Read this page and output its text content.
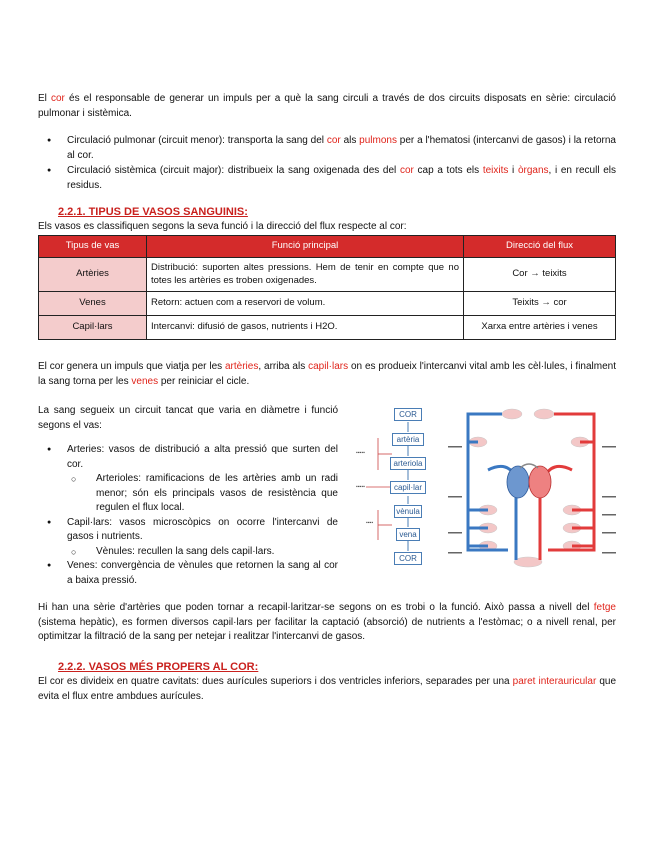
El cor és el responsable de generar un impuls per a què la sang circuli a través de dos circuits disposats en sèrie: circulació pulmonar i sistèmica.
● Circulació pulmonar (circuit menor): transporta la sang del cor als pulmons per a l'hematosi (intercanvi de gasos) i la retorna al cor.
● Circulació sistèmica (circuit major): distribueix la sang oxigenada des del cor cap a tots els teixits i òrgans, i en recull els residus.
2.2.1. TIPUS DE VASOS SANGUINIS:
Els vasos es classifiquen segons la seva funció i la direcció del flux respecte al cor:
Tipus de vas	Funció principal	Direcció del flux
Artèries	Distribució: suporten altes pressions. Hem de tenir en compte que no totes les artèries es troben oxigenades.	Cor → teixits
Venes	Retorn: actuen com a reservori de volum.	Teixits → cor
Capil·lars	Intercanvi: difusió de gasos, nutrients i H2O.	Xarxa entre artèries i venes
El cor genera un impuls que viatja per les artèries, arriba als capil·lars on es produeix l'intercanvi vital amb les cèl·lules, i finalment la sang torna per les venes per reiniciar el cicle.
La sang segueix un circuit tancat que varia en diàmetre i funció segons el vas:
● Arteries: vasos de distribució a alta pressió que surten del cor.
○ Arterioles: ramificacions de les artèries amb un radi menor; són els principals vasos de resistència que regulen el flux local.
● Capil·lars: vasos microscòpics on ocorre l'intercanvi de gasos i nutrients.
○ Vènules: recullen la sang dels capil·lars.
● Venes: convergència de vènules que retornen la sang al cor a baixa pressió.
▪▪▪▪▪
▪▪▪▪▪
▪▪▪▪
COR
artèria
arteriola
capil·lar
vènula
vena
COR
Hi han una sèrie d'artèries que poden tornar a recapil·laritzar-se segons on es trobi o la funció. Això passa a nivell del fetge (sistema hepàtic), es formen diversos capil·lars per facilitar la captació (absorció) de nutrients a l'estòmac; o a nivell renal, per optimitzar la filtració de la sang per netejar i realitzar l'intercanvi de gasos.
2.2.2. VASOS MÉS PROPERS AL COR:
El cor es divideix en quatre cavitats: dues aurícules superiors i dos ventricles inferiors, separades per una paret interauricular que evita el flux entre ambdues aurícules.
